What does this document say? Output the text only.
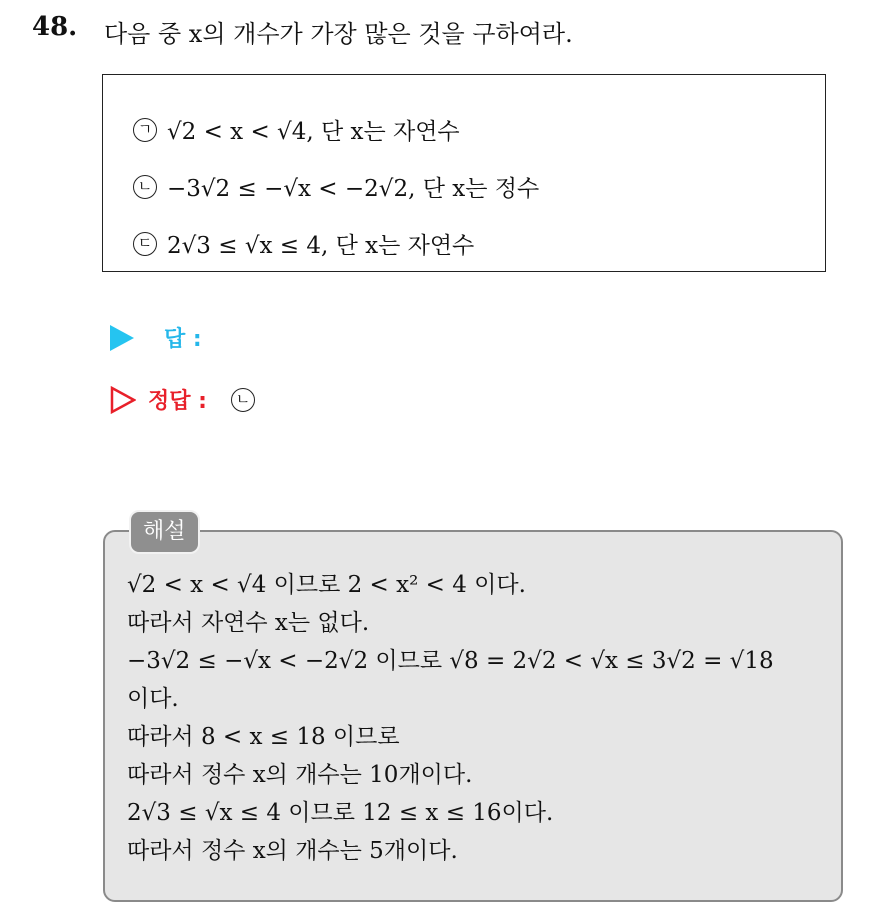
48. 다음 중 x의 개수가 가장 많은 것을 구하여라.
ㄱ √2 < x < √4, 단 x는 자연수
ㄴ −3√2 ≤ −√x < −2√2, 단 x는 정수
ㄷ 2√3 ≤ √x ≤ 4, 단 x는 자연수
답 :
정답 :	ㄴ
√2 < x < √4 이므로 2 < x² < 4 이다.
따라서 자연수 x는 없다.
−3√2 ≤ −√x < −2√2 이므로 √8 = 2√2 < √x ≤ 3√2 = √18
이다.
따라서 8 < x ≤ 18 이므로
따라서 정수 x의 개수는 10개이다.
2√3 ≤ √x ≤ 4 이므로 12 ≤ x ≤ 16이다.
따라서 정수 x의 개수는 5개이다.
해설
